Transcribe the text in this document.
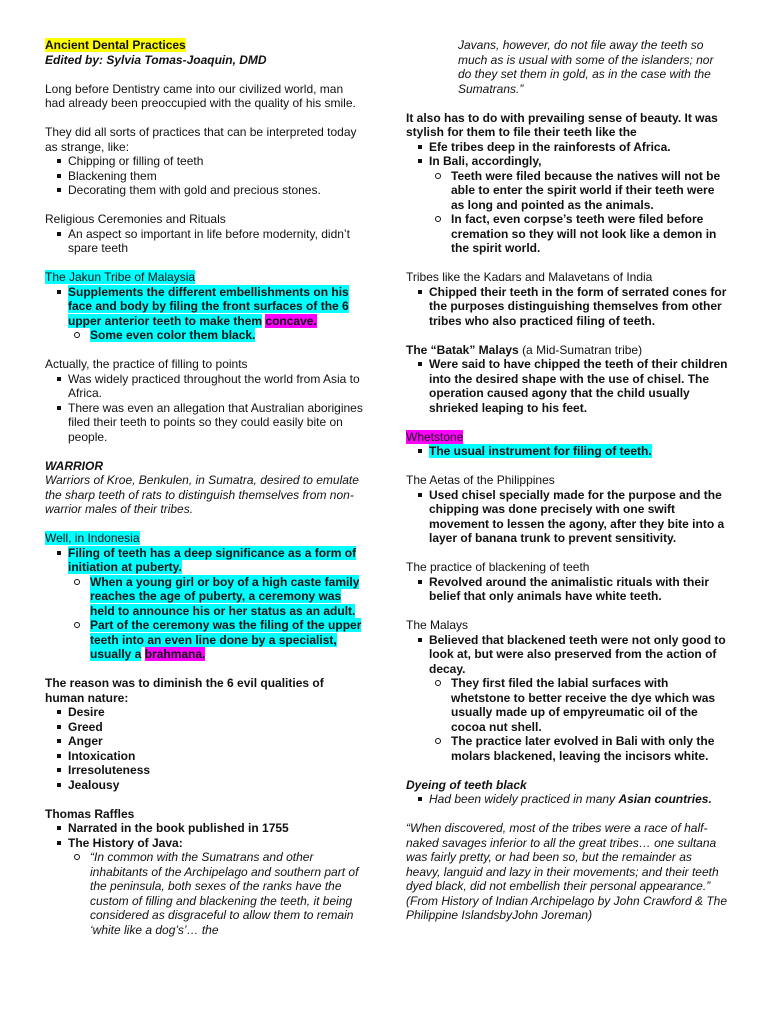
Ancient Dental Practices

Edited by: Sylvia Tomas-Joaquin, DMD

Long before Dentistry came into our civilized world, man had already been preoccupied with the quality of his smile.

They did all sorts of practices that can be interpreted today as strange, like:

Chipping or filling of teeth
Blackening them
Decorating them with gold and precious stones.

Religious Ceremonies and Rituals

An aspect so important in life before modernity, didn’t spare teeth

The Jakun Tribe of Malaysia

Supplements the different embellishments on his face and body by filing the front surfaces of the 6 upper anterior teeth to make them concave.
Some even color them black.

Actually, the practice of filling to points

Was widely practiced throughout the world from Asia to Africa.
There was even an allegation that Australian aborigines filed their teeth to points so they could easily bite on people.

WARRIOR

Warriors of Kroe, Benkulen, in Sumatra, desired to emulate the sharp teeth of rats to distinguish themselves from non-warrior males of their tribes.

Well, in Indonesia

Filing of teeth has a deep significance as a form of initiation at puberty.
When a young girl or boy of a high caste family reaches the age of puberty, a ceremony was held to announce his or her status as an adult.
Part of the ceremony was the filing of the upper teeth into an even line done by a specialist, usually a brahmana.

The reason was to diminish the 6 evil qualities of human nature:

Desire
Greed
Anger
Intoxication
Irresoluteness
Jealousy

Thomas Raffles

Narrated in the book published in 1755
The History of Java:
“In common with the Sumatrans and other inhabitants of the Archipelago and southern part of the peninsula, both sexes of the ranks have the custom of filling and blackening the teeth, it being considered as disgraceful to allow them to remain ‘white like a dog’s’… the

Javans, however, do not file away the teeth so much as is usual with some of the islanders; nor do they set them in gold, as in the case with the Sumatrans.”

It also has to do with prevailing sense of beauty. It was stylish for them to file their teeth like the

Efe tribes deep in the rainforests of Africa.
In Bali, accordingly,
Teeth were filed because the natives will not be able to enter the spirit world if their teeth were as long and pointed as the animals.
In fact, even corpse’s teeth were filed before cremation so they will not look like a demon in the spirit world.

Tribes like the Kadars and Malavetans of India

Chipped their teeth in the form of serrated cones for the purposes distinguishing themselves from other tribes who also practiced filing of teeth.

The “Batak” Malays (a Mid-Sumatran tribe)

Were said to have chipped the teeth of their children into the desired shape with the use of chisel. The operation caused agony that the child usually shrieked leaping to his feet.

Whetstone

The usual instrument for filing of teeth.

The Aetas of the Philippines

Used chisel specially made for the purpose and the chipping was done precisely with one swift movement to lessen the agony, after they bite into a layer of banana trunk to prevent sensitivity.

The practice of blackening of teeth

Revolved around the animalistic rituals with their belief that only animals have white teeth.

The Malays

Believed that blackened teeth were not only good to look at, but were also preserved from the action of decay.
They first filed the labial surfaces with whetstone to better receive the dye which was usually made up of empyreumatic oil of the cocoa nut shell.
The practice later evolved in Bali with only the molars blackened, leaving the incisors white.

Dyeing of teeth black

Had been widely practiced in many Asian countries.

“When discovered, most of the tribes were a race of half-naked savages inferior to all the great tribes… one sultana was fairly pretty, or had been so, but the remainder as heavy, languid and lazy in their movements; and their teeth dyed black, did not embellish their personal appearance.” (From History of Indian Archipelago by John Crawford & The Philippine IslandsbyJohn Joreman)
